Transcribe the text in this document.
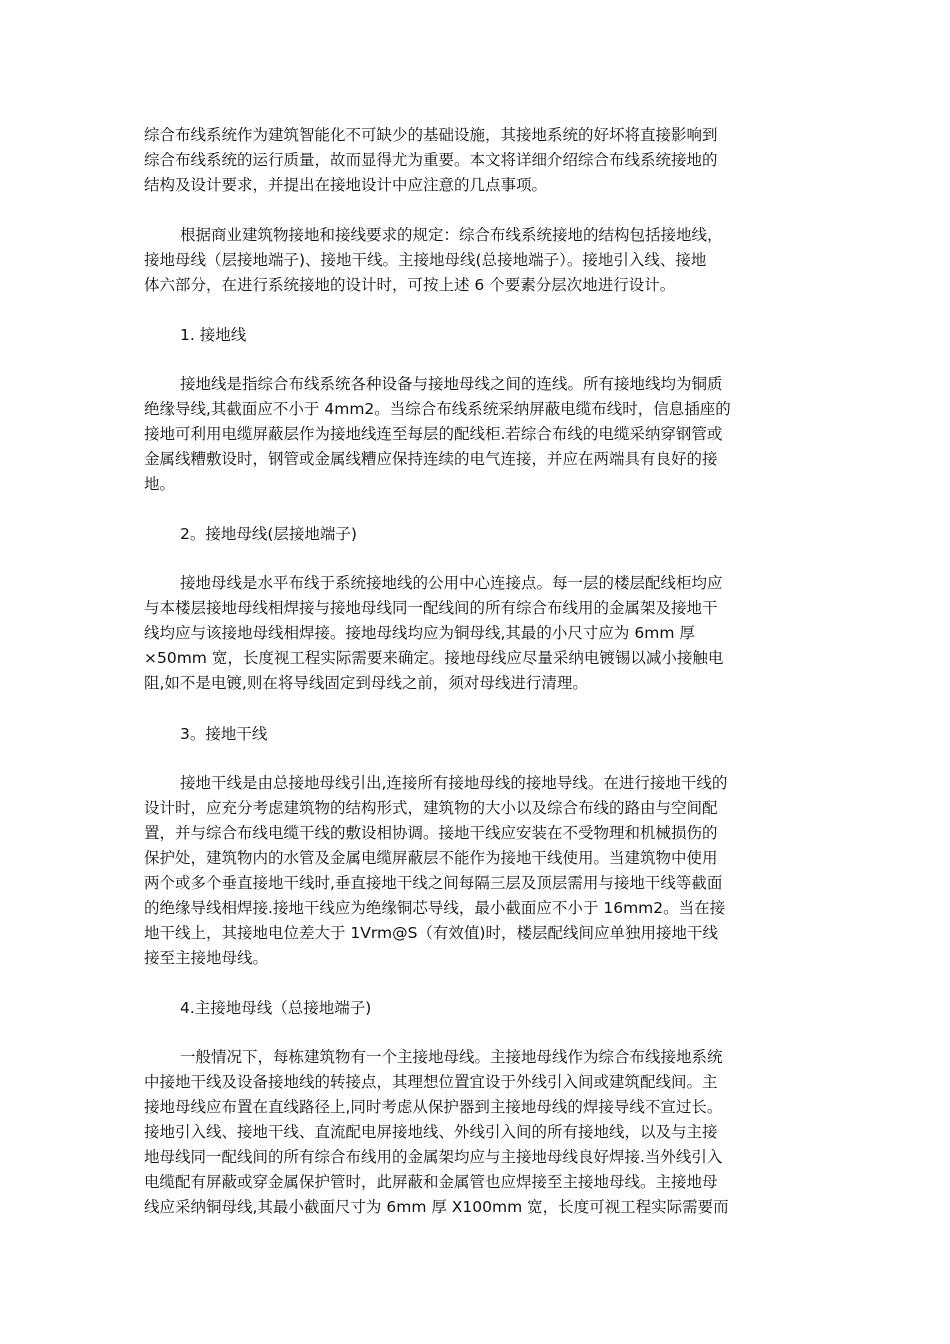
综合布线系统作为建筑智能化不可缺少的基础设施，其接地系统的好坏将直接影响到
综合布线系统的运行质量，故而显得尤为重要。本文将详细介绍综合布线系统接地的
结构及设计要求，并提出在接地设计中应注意的几点事项。
根据商业建筑物接地和接线要求的规定：综合布线系统接地的结构包括接地线，
接地母线（层接地端子)、接地干线。主接地母线(总接地端子）。接地引入线、接地
体六部分，在进行系统接地的设计时，可按上述 6 个要素分层次地进行设计。
1. 接地线
接地线是指综合布线系统各种设备与接地母线之间的连线。所有接地线均为铜质
绝缘导线,其截面应不小于 4mm2。当综合布线系统采纳屏蔽电缆布线时，信息插座的
接地可利用电缆屏蔽层作为接地线连至每层的配线柜.若综合布线的电缆采纳穿钢管或
金属线糟敷设时，钢管或金属线糟应保持连续的电气连接，并应在两端具有良好的接
地。
2。接地母线(层接地端子)
接地母线是水平布线于系统接地线的公用中心连接点。每一层的楼层配线柜均应
与本楼层接地母线相焊接与接地母线同一配线间的所有综合布线用的金属架及接地干
线均应与该接地母线相焊接。接地母线均应为铜母线,其最的小尺寸应为 6mm 厚
×50mm 宽，长度视工程实际需要来确定。接地母线应尽量采纳电镀锡以减小接触电
阻,如不是电镀,则在将导线固定到母线之前，须对母线进行清理。
3。接地干线
接地干线是由总接地母线引出,连接所有接地母线的接地导线。在进行接地干线的
设计时，应充分考虑建筑物的结构形式，建筑物的大小以及综合布线的路由与空间配
置，并与综合布线电缆干线的敷设相协调。接地干线应安装在不受物理和机械损伤的
保护处，建筑物内的水管及金属电缆屏蔽层不能作为接地干线使用。当建筑物中使用
两个或多个垂直接地干线时,垂直接地干线之间每隔三层及顶层需用与接地干线等截面
的绝缘导线相焊接.接地干线应为绝缘铜芯导线，最小截面应不小于 16mm2。当在接
地干线上，其接地电位差大于 1Vrm@S（有效值)时，楼层配线间应单独用接地干线
接至主接地母线。
4.主接地母线（总接地端子)
一般情况下，每栋建筑物有一个主接地母线。主接地母线作为综合布线接地系统
中接地干线及设备接地线的转接点，其理想位置宜设于外线引入间或建筑配线间。主
接地母线应布置在直线路径上,同时考虑从保护器到主接地母线的焊接导线不宣过长。
接地引入线、接地干线、直流配电屏接地线、外线引入间的所有接地线，以及与主接
地母线同一配线间的所有综合布线用的金属架均应与主接地母线良好焊接.当外线引入
电缆配有屏蔽或穿金属保护管时，此屏蔽和金属管也应焊接至主接地母线。主接地母
线应采纳铜母线,其最小截面尺寸为 6mm 厚 X100mm 宽，长度可视工程实际需要而
